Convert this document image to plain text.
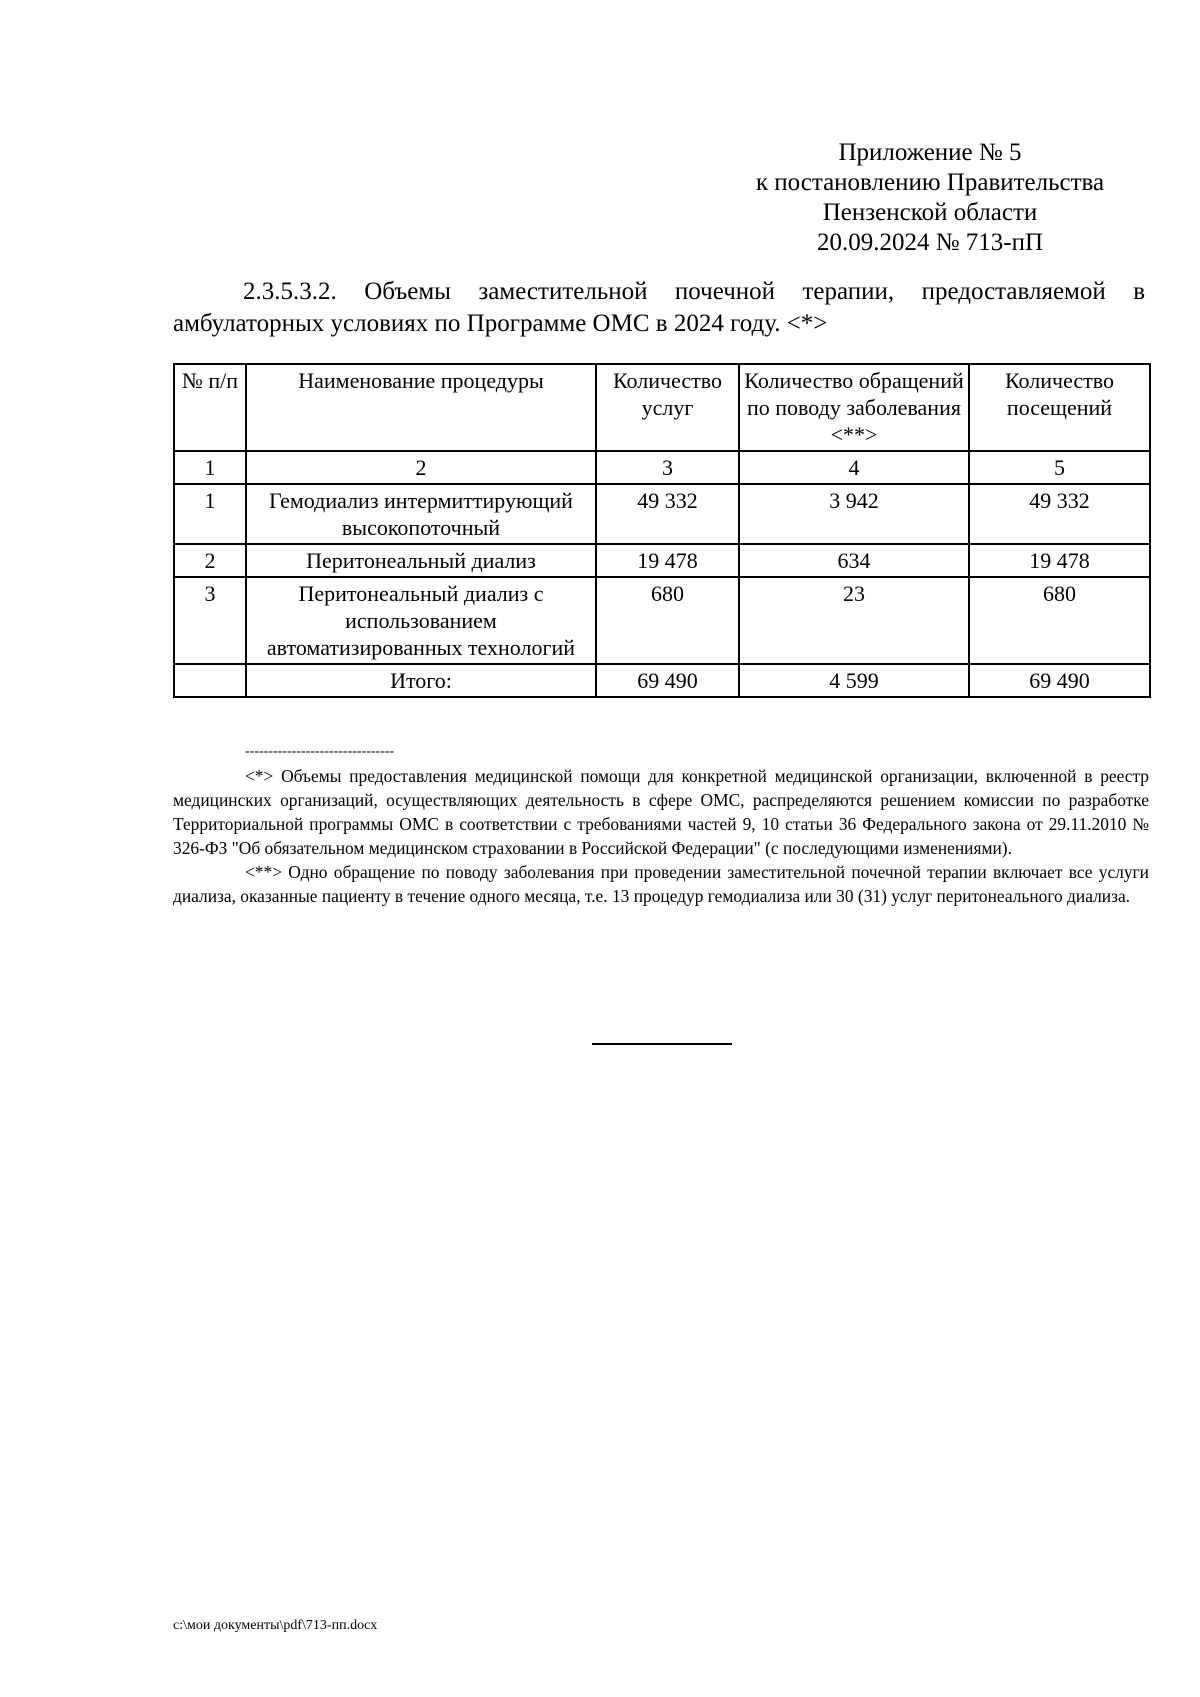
Приложение № 5
к постановлению Правительства
Пензенской области
20.09.2024 № 713-пП
2.3.5.3.2. Объемы заместительной почечной терапии, предоставляемой в амбулаторных условиях по Программе ОМС в 2024 году. <*>
№ п/п	Наименование процедуры	Количество услуг	Количество обращений по поводу заболевания <**>	Количество посещений
1	2	3	4	5
1	Гемодиализ интермиттирующий высокопоточный	49 332	3 942	49 332
2	Перитонеальный диализ	19 478	634	19 478
3	Перитонеальный диализ с использованием автоматизированных технологий	680	23	680
	Итого:	69 490	4 599	69 490
--------------------------------

<*> Объемы предоставления медицинской помощи для конкретной медицинской организации, включенной в реестр медицинских организаций, осуществляющих деятельность в сфере ОМС, распределяются решением комиссии по разработке Территориальной программы ОМС в соответствии с требованиями частей 9, 10 статьи 36 Федерального закона от 29.11.2010 № 326-ФЗ "Об обязательном медицинском страховании в Российской Федерации" (с последующими изменениями).

<**> Одно обращение по поводу заболевания при проведении заместительной почечной терапии включает все услуги диализа, оказанные пациенту в течение одного месяца, т.е. 13 процедур гемодиализа или 30 (31) услуг перитонеального диализа.

c:\мои документы\pdf\713-пп.docx
